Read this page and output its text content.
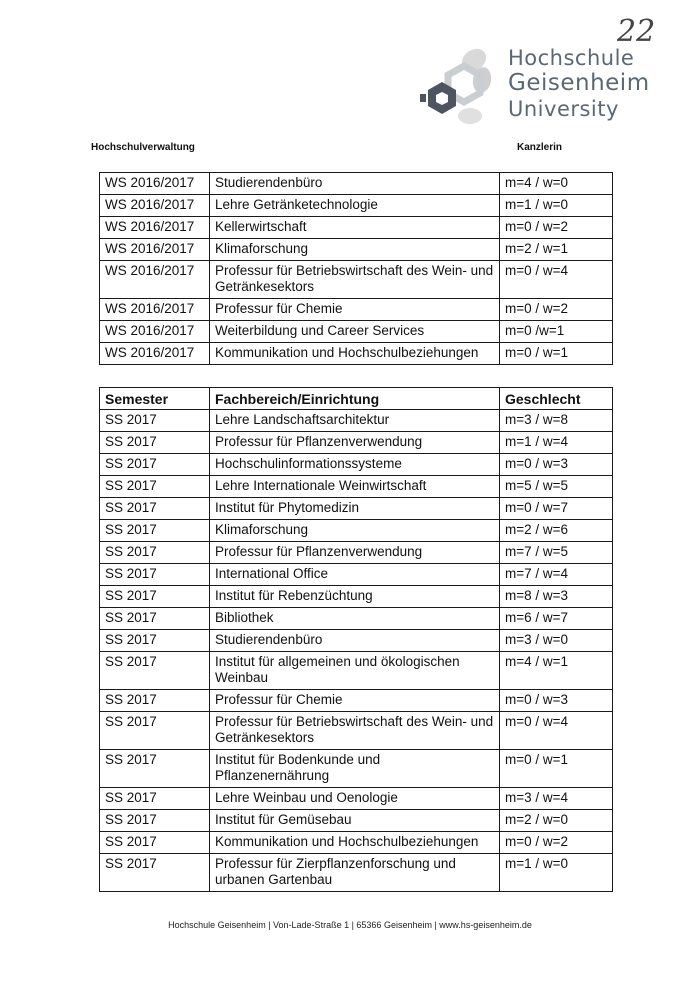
22
Hochschule
Geisenheim
University
Hochschulverwaltung	Kanzlerin
WS 2016/2017	Studierendenbüro	m=4 / w=0
WS 2016/2017	Lehre Getränketechnologie	m=1 / w=0
WS 2016/2017	Kellerwirtschaft	m=0 / w=2
WS 2016/2017	Klimaforschung	m=2 / w=1
WS 2016/2017	Professur für Betriebswirtschaft des Wein- und Getränkesektors	m=0 / w=4
WS 2016/2017	Professur für Chemie	m=0 / w=2
WS 2016/2017	Weiterbildung und Career Services	m=0 /w=1
WS 2016/2017	Kommunikation und Hochschulbeziehungen	m=0 / w=1
Semester	Fachbereich/Einrichtung	Geschlecht
SS 2017	Lehre Landschaftsarchitektur	m=3 / w=8
SS 2017	Professur für Pflanzenverwendung	m=1 / w=4
SS 2017	Hochschulinformationssysteme	m=0 / w=3
SS 2017	Lehre Internationale Weinwirtschaft	m=5 / w=5
SS 2017	Institut für Phytomedizin	m=0 / w=7
SS 2017	Klimaforschung	m=2 / w=6
SS 2017	Professur für Pflanzenverwendung	m=7 / w=5
SS 2017	International Office	m=7 / w=4
SS 2017	Institut für Rebenzüchtung	m=8 / w=3
SS 2017	Bibliothek	m=6 / w=7
SS 2017	Studierendenbüro	m=3 / w=0
SS 2017	Institut für allgemeinen und ökologischen Weinbau	m=4 / w=1
SS 2017	Professur für Chemie	m=0 / w=3
SS 2017	Professur für Betriebswirtschaft des Wein- und Getränkesektors	m=0 / w=4
SS 2017	Institut für Bodenkunde und Pflanzenernährung	m=0 / w=1
SS 2017	Lehre Weinbau und Oenologie	m=3 / w=4
SS 2017	Institut für Gemüsebau	m=2 / w=0
SS 2017	Kommunikation und Hochschulbeziehungen	m=0 / w=2
SS 2017	Professur für Zierpflanzenforschung und urbanen Gartenbau	m=1 / w=0
Hochschule Geisenheim | Von-Lade-Straße 1 | 65366 Geisenheim | www.hs-geisenheim.de
